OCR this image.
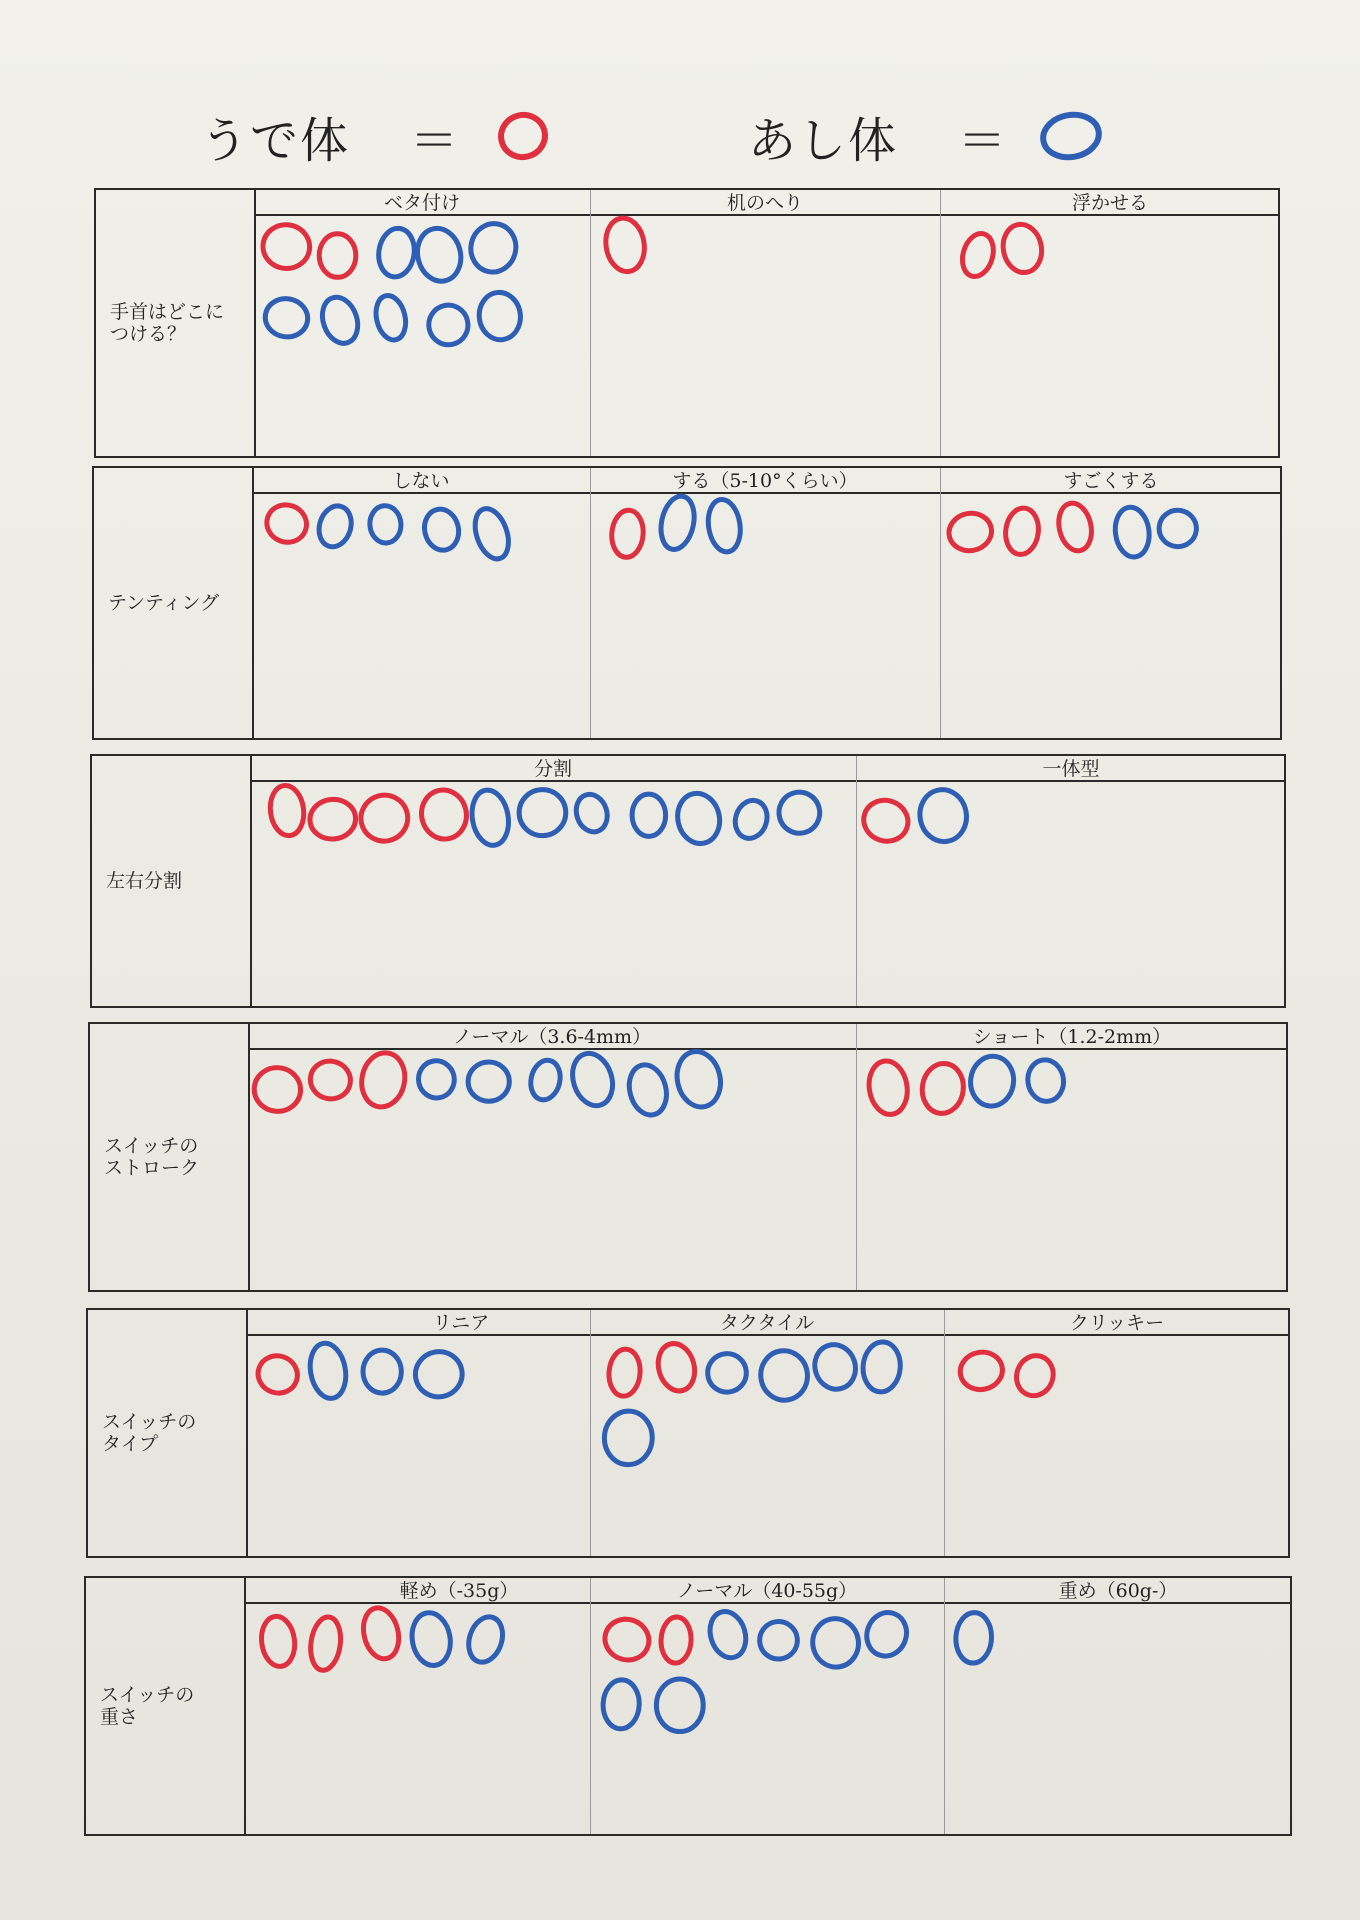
うで体 ＝	あし体 ＝
手首はどこに
つける？
ベタ付け	机のへり	浮かせる
テンティング
しない	する（5-10°くらい）	すごくする
左右分割
分割	一体型
スイッチの
ストローク
ノーマル（3.6-4mm）	ショート（1.2-2mm）
スイッチの
タイプ
リニア	タクタイル	クリッキー
スイッチの
重さ
軽め（-35g）	ノーマル（40-55g）	重め（60g-）
